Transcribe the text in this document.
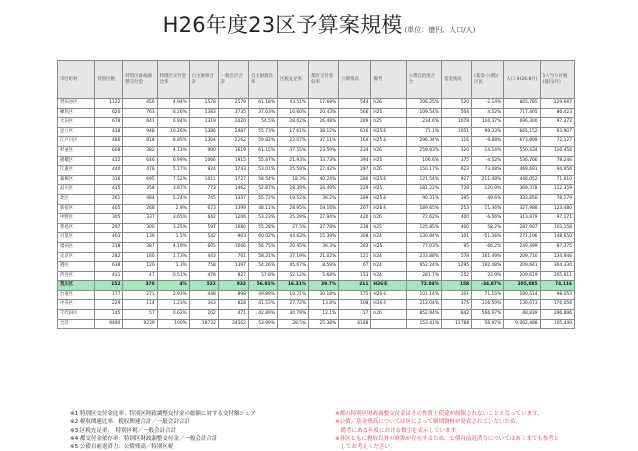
H26年度23区予算案規模 (単位：億円、人口/人)
市区町村	特別区税	特別区財政調整交付金	特別区交付金比率	自主財源合計	一般会計合計	自主財源比率	区税充足率	都区交付金収率	公債残高	備考	公債自治度合合	基金残高	(基金-公債)/区民	人口 (H26.8月)	1人当り区税 (億円/月)
世田谷区	1122	456	4.94%	1578	2579	61.18%	43.51%	17.68%	544	h26	206.25%	520	-2.14%	865,785	129,687
練馬区	620	763	8.26%	1383	3735	37.03%	16.60%	20.43%	566	H25	109.54%	504	4.52%	717,405	86,423
大田区	678	641	6.94%	1319	2420	54.5%	28.02%	26.48%	289	h25	234.6%	1078	116.37%	696,300	97,372
足立区	438	948	10.26%	1386	2487	55.73%	17.61%	38.12%	616	H25末	71.1%	1051	99.33%	665,152	63,907
江戸川区	486	818	8.85%	1304	2262	59.82%	22.07%	37.11%	164	H25末	296.34%	116	-9.88%	673,809	72,127
杉並区	608	382	4.13%	990	1619	61.15%	37.55%	23.59%	234	h26	259.83%	320	14.14%	550,434	110,456
板橋区	432	646	6.99%	1066	1915	55.67%	21.93%	33.73%	394	H25	106.6%	375	-4.52%	536,766	78,246
江東区	440	478	5.17%	924	1743	53.01%	25.59%	27.42%	297	h26	150.17%	623	73.08%	469,691	94,956
葛飾区	316	695	7.52%	1011	1727	58.54%	18.3%	40.24%	280	H25末	121.54%	927	211.08%	446,052	71,810
品川区	415	358	3.87%	773	1462	52.87%	28.39%	24.49%	229	H25	181.22%	728	120.9%	369,378	112,359
北区	261	484	5.24%	745	1337	55.72%	19.52%	36.2%	289	H25末	90.31%	395	49.6%	333,850	78,179
新宿区	405	268	2.9%	673	1399	48.11%	28.95%	19.16%	267	H26末	189.65%	253	11.36%	327,988	123,480
中野区	305	337	3.65%	642	1206	53.23%	25.29%	27.94%	420	h26	72.62%	400	-6.56%	313,879	97,171
豊島区	297	300	3.25%	597	1080	55.28%	27.5%	27.78%	238	h25	125.85%	400	58.2%	287,907	103,158
目黒区	403	139	1.5%	542	903	60.02%	44.63%	15.39%	308	h24	130.84%	101	-51.36%	271,106	148,650
墨田区	218	387	4.19%	605	1066	56.75%	20.45%	36.3%	283	H25	77.03%	95	-66.2%	249,499	87,375
文京区	282	160	1.73%	443	761	58.21%	37.19%	21.02%	121	h24	233.88%	578	161.49%	209,716	134,946
港区	638	120	1.3%	758	1397	54.26%	45.67%	8.59%	67	h24	952.24%	1295	192.48%	209,641	304,330
渋谷区	431	47	0.51%	478	827	57.8%	52.12%	5.68%	153	h24	281.7%	252	22.9%	209,619	205,611
荒川区	152	370	4%	522	932	56.01%	16.31%	39.7%	211	H26末	72.04%	158	-34.87%	205,085	74,116
台東区	177	271	2.93%	448	898	49.89%	19.71%	30.18%	175	H26末	101.14%	301	71.15%	180,514	98,053
中央区	229	114	1.23%	343	828	41.53%	27.72%	13.8%	108	H26末	212.04%	375	116.59%	130,073	176,056
千代田区	145	57	0.62%	202	471	42.89%	30.79%	12.1%	17	h26	852.94%	842	566.97%	48,839	296,896
合計	9490	9239	100%	18732	34562	53.89%	28.5%	25.38%	6188		153.41%	11788	56.97%	9,002,488	105,449
※1 特別区交付金比率：特別区財政調整交付金の総額に対する交付額シェア
※2 税収関連比率：税収関連合計／一般会計合計
※3 区税充足率：　特別区税／一般会計合計
※4 都交付金依存率：特別区財政調整交付金／一般会計合計
※5 公債自前返済力：公債残高／特別区税
※都の特別区財政調整交付金はその性質上使途が制限されないこととなっています。
※公債／基金残高については区によって細則資料が発表されていないため、
　備考にある年度における数字を表示しています。
※各区ともに税収以外の財源が存在するため、公債自前返済力についてはあくまでも参考と
　してお考えください。
